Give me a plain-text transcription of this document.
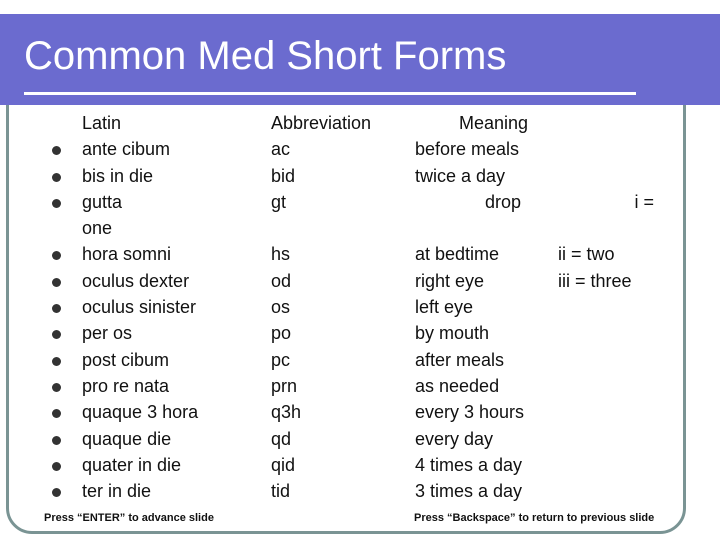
Common Med Short Forms
Latin
ante cibum
bis in die
gutta
one
hora somni
oculus dexter
oculus sinister
per os
post cibum
pro re nata
quaque 3 hora
quaque die
quater in die
ter in die
Abbreviation
ac
bid
gt
hs
od
os
po
pc
prn
q3h
qd
qid
tid
Meaning
before meals
twice a day
drop
at bedtime
right eye
left eye
by mouth
after meals
as needed
every 3 hours
every day
4 times a day
3 times a day
i =
ii = two
iii = three
Press “ENTER” to advance slide	Press “Backspace” to return to previous slide
